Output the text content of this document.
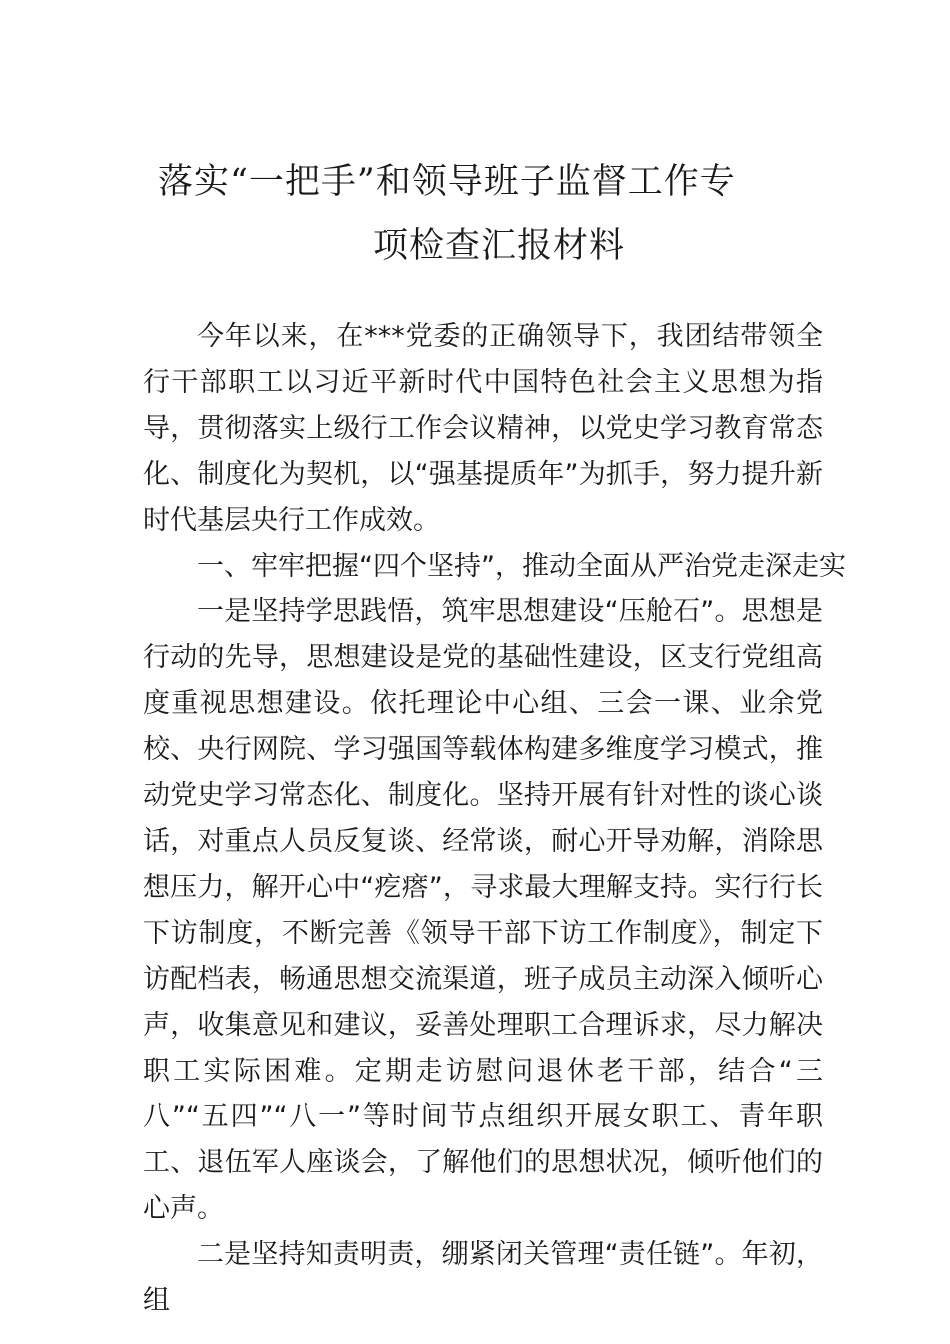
落实“一把手”和领导班子监督工作专
项检查汇报材料

今年以来，在***党委的正确领导下，我团结带领全行干部职工以习近平新时代中国特色社会主义思想为指导，贯彻落实上级行工作会议精神，以党史学习教育常态化、制度化为契机，以“强基提质年”为抓手，努力提升新时代基层央行工作成效。

一、牢牢把握“四个坚持”，推动全面从严治党走深走实

一是坚持学思践悟，筑牢思想建设“压舱石”。思想是行动的先导，思想建设是党的基础性建设，区支行党组高度重视思想建设。依托理论中心组、三会一课、业余党校、央行网院、学习强国等载体构建多维度学习模式，推动党史学习常态化、制度化。坚持开展有针对性的谈心谈话，对重点人员反复谈、经常谈，耐心开导劝解，消除思想压力，解开心中“疙瘩”，寻求最大理解支持。实行行长下访制度，不断完善《领导干部下访工作制度》，制定下访配档表，畅通思想交流渠道，班子成员主动深入倾听心声，收集意见和建议，妥善处理职工合理诉求，尽力解决职工实际困难。定期走访慰问退休老干部，结合“三八”“五四”“八一”等时间节点组织开展女职工、青年职工、退伍军人座谈会，了解他们的思想状况，倾听他们的心声。

二是坚持知责明责，绷紧闭关管理“责任链”。年初，组
